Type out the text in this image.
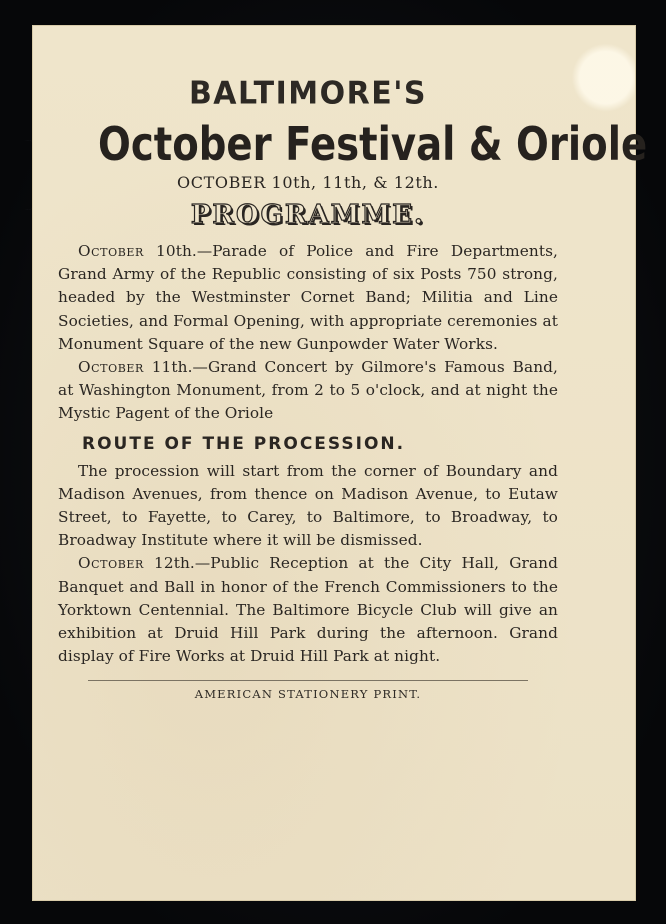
BALTIMORE'S
October Festival & Oriole
OCTOBER 10th, 11th, & 12th.
PROGRAMME.

October 10th.—Parade of Police and Fire Departments, Grand Army of the Republic consisting of six Posts 750 strong, headed by the Westminster Cornet Band; Militia and Line Societies, and Formal Opening, with appropriate ceremonies at Monument Square of the new Gunpowder Water Works.

October 11th.—Grand Concert by Gilmore's Famous Band, at Washington Monument, from 2 to 5 o'clock, and at night the Mystic Pagent of the Oriole

ROUTE OF THE PROCESSION.

The procession will start from the corner of Boundary and Madison Avenues, from thence on Madison Avenue, to Eutaw Street, to Fayette, to Carey, to Baltimore, to Broadway, to Broadway Institute where it will be dismissed.

October 12th.—Public Reception at the City Hall, Grand Banquet and Ball in honor of the French Commissioners to the Yorktown Centennial. The Baltimore Bicycle Club will give an exhibition at Druid Hill Park during the afternoon. Grand display of Fire Works at Druid Hill Park at night.

AMERICAN STATIONERY PRINT.
